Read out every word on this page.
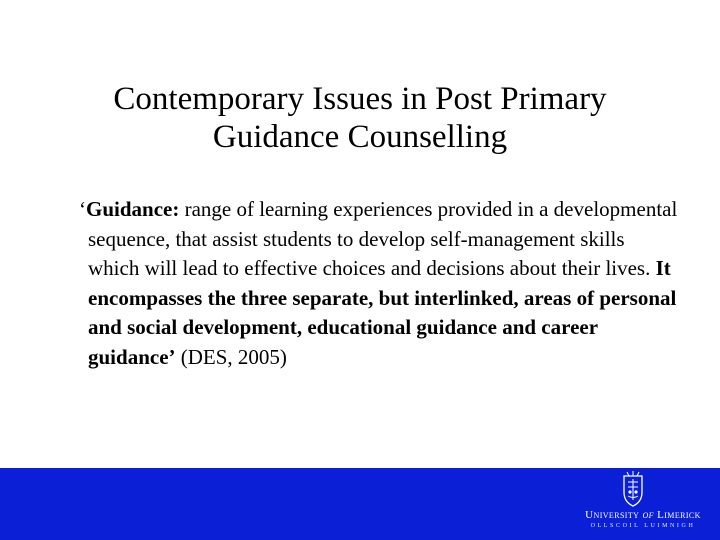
Contemporary Issues in Post Primary
Guidance Counselling

‘Guidance: range of learning experiences provided in a developmental sequence, that assist students to develop self-management skills which will lead to effective choices and decisions about their lives. It encompasses the three separate, but interlinked, areas of personal and social development, educational guidance and career guidance’ (DES, 2005)

University of Limerick
OLLSCOIL LUIMNIGH
